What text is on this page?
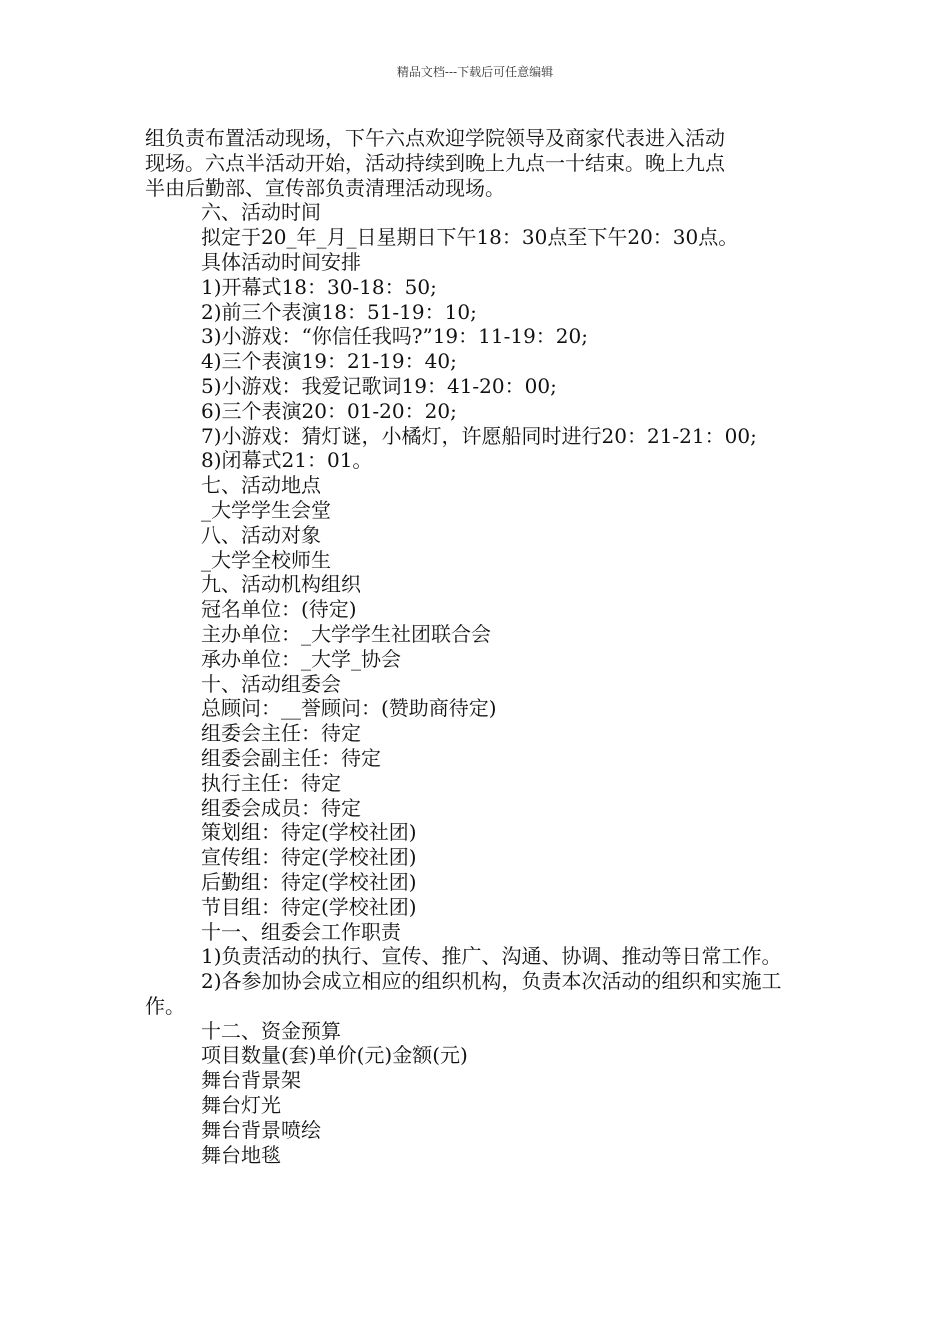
精品文档---下载后可任意编辑
组负责布置活动现场，下午六点欢迎学院领导及商家代表进入活动
现场。六点半活动开始，活动持续到晚上九点一十结束。晚上九点
半由后勤部、宣传部负责清理活动现场。
六、活动时间
拟定于20_年_月_日星期日下午18：30点至下午20：30点。
具体活动时间安排
1)开幕式18：30-18：50;
2)前三个表演18：51-19：10;
3)小游戏：“你信任我吗?”19：11-19：20;
4)三个表演19：21-19：40;
5)小游戏：我爱记歌词19：41-20：00;
6)三个表演20：01-20：20;
7)小游戏：猜灯谜，小橘灯，许愿船同时进行20：21-21：00;
8)闭幕式21：01。
七、活动地点
_大学学生会堂
八、活动对象
_大学全校师生
九、活动机构组织
冠名单位：(待定)
主办单位：_大学学生社团联合会
承办单位：_大学_协会
十、活动组委会
总顾问：__誉顾问：(赞助商待定)
组委会主任：待定
组委会副主任：待定
执行主任：待定
组委会成员：待定
策划组：待定(学校社团)
宣传组：待定(学校社团)
后勤组：待定(学校社团)
节目组：待定(学校社团)
十一、组委会工作职责
1)负责活动的执行、宣传、推广、沟通、协调、推动等日常工作。
2)各参加协会成立相应的组织机构，负责本次活动的组织和实施工作。
十二、资金预算
项目数量(套)单价(元)金额(元)
舞台背景架
舞台灯光
舞台背景喷绘
舞台地毯
